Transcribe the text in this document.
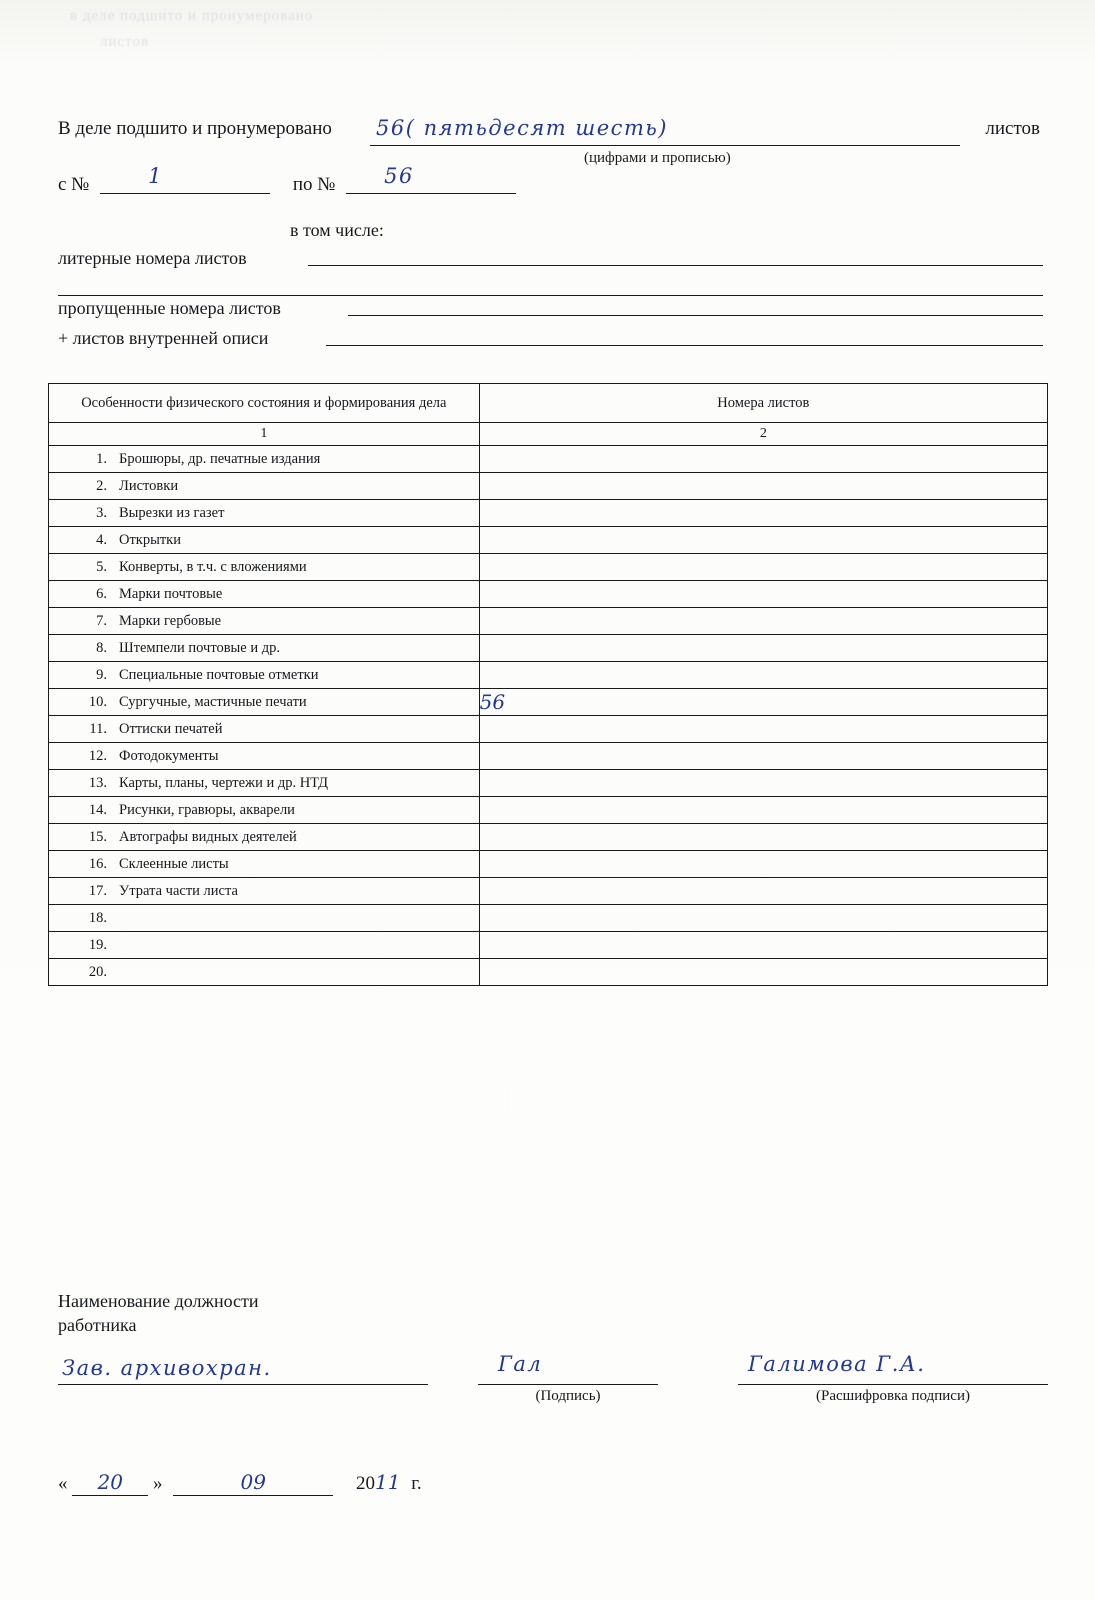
в деле подшито и пронумеровано
листов
В деле подшито и пронумеровано	листов
56( пятьдесят шесть)
(цифрами и прописью)
с №	1	по № 56
в том числе:
литерные номера листов
пропущенные номера листов
+ листов внутренней описи
Особенности физического состояния и формирования дела	Номера листов
1	2

1. Брошюры, др. печатные издания	

2. Листовки	

3. Вырезки из газет	

4. Открытки	

5. Конверты, в т.ч. с вложениями	

6. Марки почтовые	

7. Марки гербовые	

8. Штемпели почтовые и др.	

9. Специальные почтовые отметки	

10. Сургучные, мастичные печати	56

11. Оттиски печатей	

12. Фотодокументы	

13. Карты, планы, чертежи и др. НТД	

14. Рисунки, гравюры, акварели	

15. Автографы видных деятелей	

16. Склеенные листы	

17. Утрата части листа	

18.	

19.	

20.	

Наименование должности
работника
Зав. архивохран.	Гал
(Подпись)
Галимова Г.А.
(Расшифровка подписи)
« 20 »	09	2011 г.
